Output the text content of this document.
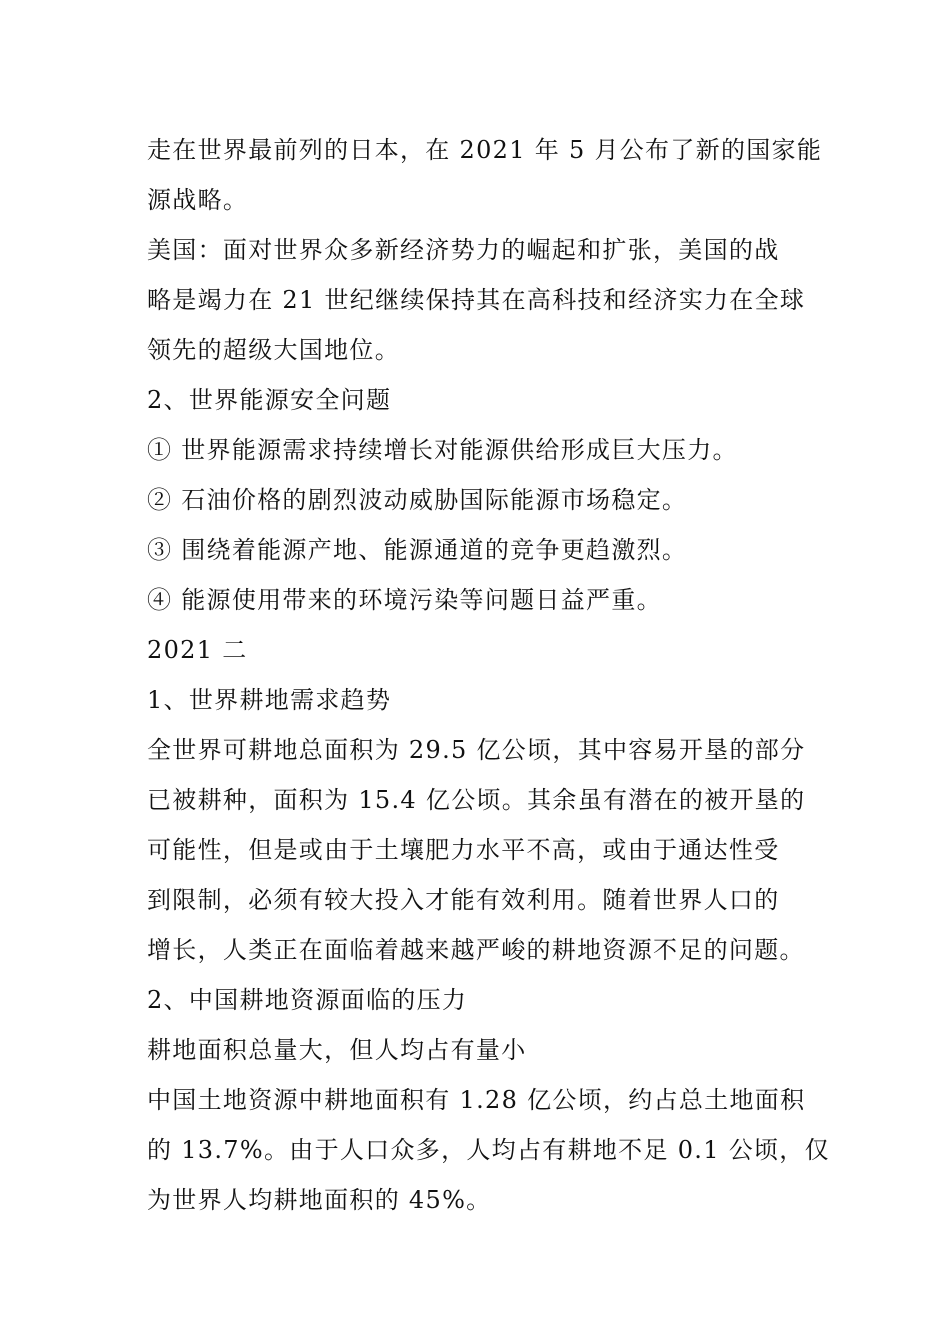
走在世界最前列的日本，在 2021 年 5 月公布了新的国家能
源战略。
美国：面对世界众多新经济势力的崛起和扩张，美国的战
略是竭力在 21 世纪继续保持其在高科技和经济实力在全球
领先的超级大国地位。
2、世界能源安全问题
① 世界能源需求持续增长对能源供给形成巨大压力。
② 石油价格的剧烈波动威胁国际能源市场稳定。
③ 围绕着能源产地、能源通道的竞争更趋激烈。
④ 能源使用带来的环境污染等问题日益严重。
2021 二
1、世界耕地需求趋势
全世界可耕地总面积为 29.5 亿公顷，其中容易开垦的部分
已被耕种，面积为 15.4 亿公顷。其余虽有潜在的被开垦的
可能性，但是或由于土壤肥力水平不高，或由于通达性受
到限制，必须有较大投入才能有效利用。随着世界人口的
增长，人类正在面临着越来越严峻的耕地资源不足的问题。
2、中国耕地资源面临的压力
耕地面积总量大，但人均占有量小
中国土地资源中耕地面积有 1.28 亿公顷，约占总土地面积
的 13.7%。由于人口众多，人均占有耕地不足 0.1 公顷，仅
为世界人均耕地面积的 45%。
